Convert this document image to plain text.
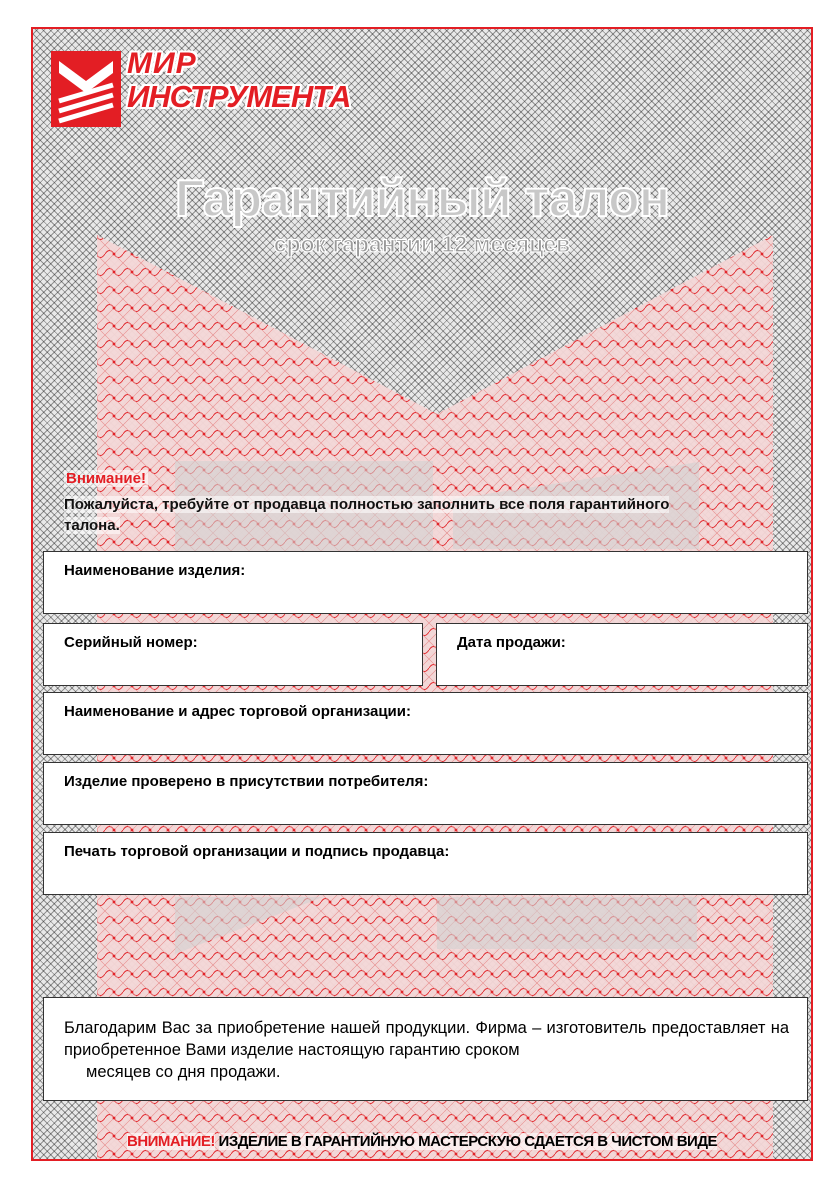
МИР
ИНСТРУМЕНТА
Гарантийный талон
срок гарантии 12 месяцев
Внимание!
Пожалуйста, требуйте от продавца полностью заполнить все поля гарантийного талона.
Наименование изделия:
Серийный номер:	Дата продажи:
Наименование и адрес торговой организации:
Изделие проверено в присутствии потребителя:
Печать торговой организации и подпись продавца:
Благодарим Вас за приобретение нашей продукции. Фирма – изготовитель предоставляет на приобретенное Вами изделие настоящую гарантию сроком
месяцев со дня продажи.
ВНИМАНИЕ! ИЗДЕЛИЕ В ГАРАНТИЙНУЮ МАСТЕРСКУЮ СДАЕТСЯ В ЧИСТОМ ВИДЕ
